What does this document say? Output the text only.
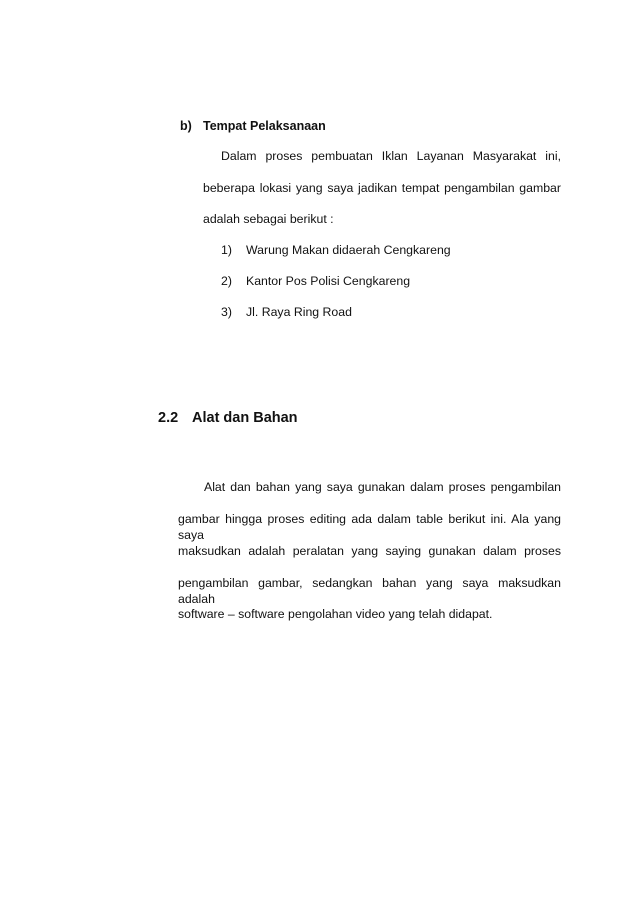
b) Tempat Pelaksanaan
Dalam proses pembuatan Iklan Layanan Masyarakat ini,
beberapa lokasi yang saya jadikan tempat pengambilan gambar
adalah sebagai berikut :
1) Warung Makan didaerah Cengkareng
2) Kantor Pos Polisi Cengkareng
3) Jl. Raya Ring Road
2.2 Alat dan Bahan
Alat dan bahan yang saya gunakan dalam proses pengambilan
gambar hingga proses editing ada dalam table berikut ini. Ala yang saya
maksudkan adalah peralatan yang saying gunakan dalam proses
pengambilan gambar, sedangkan bahan yang saya maksudkan adalah
software – software pengolahan video yang telah didapat.
